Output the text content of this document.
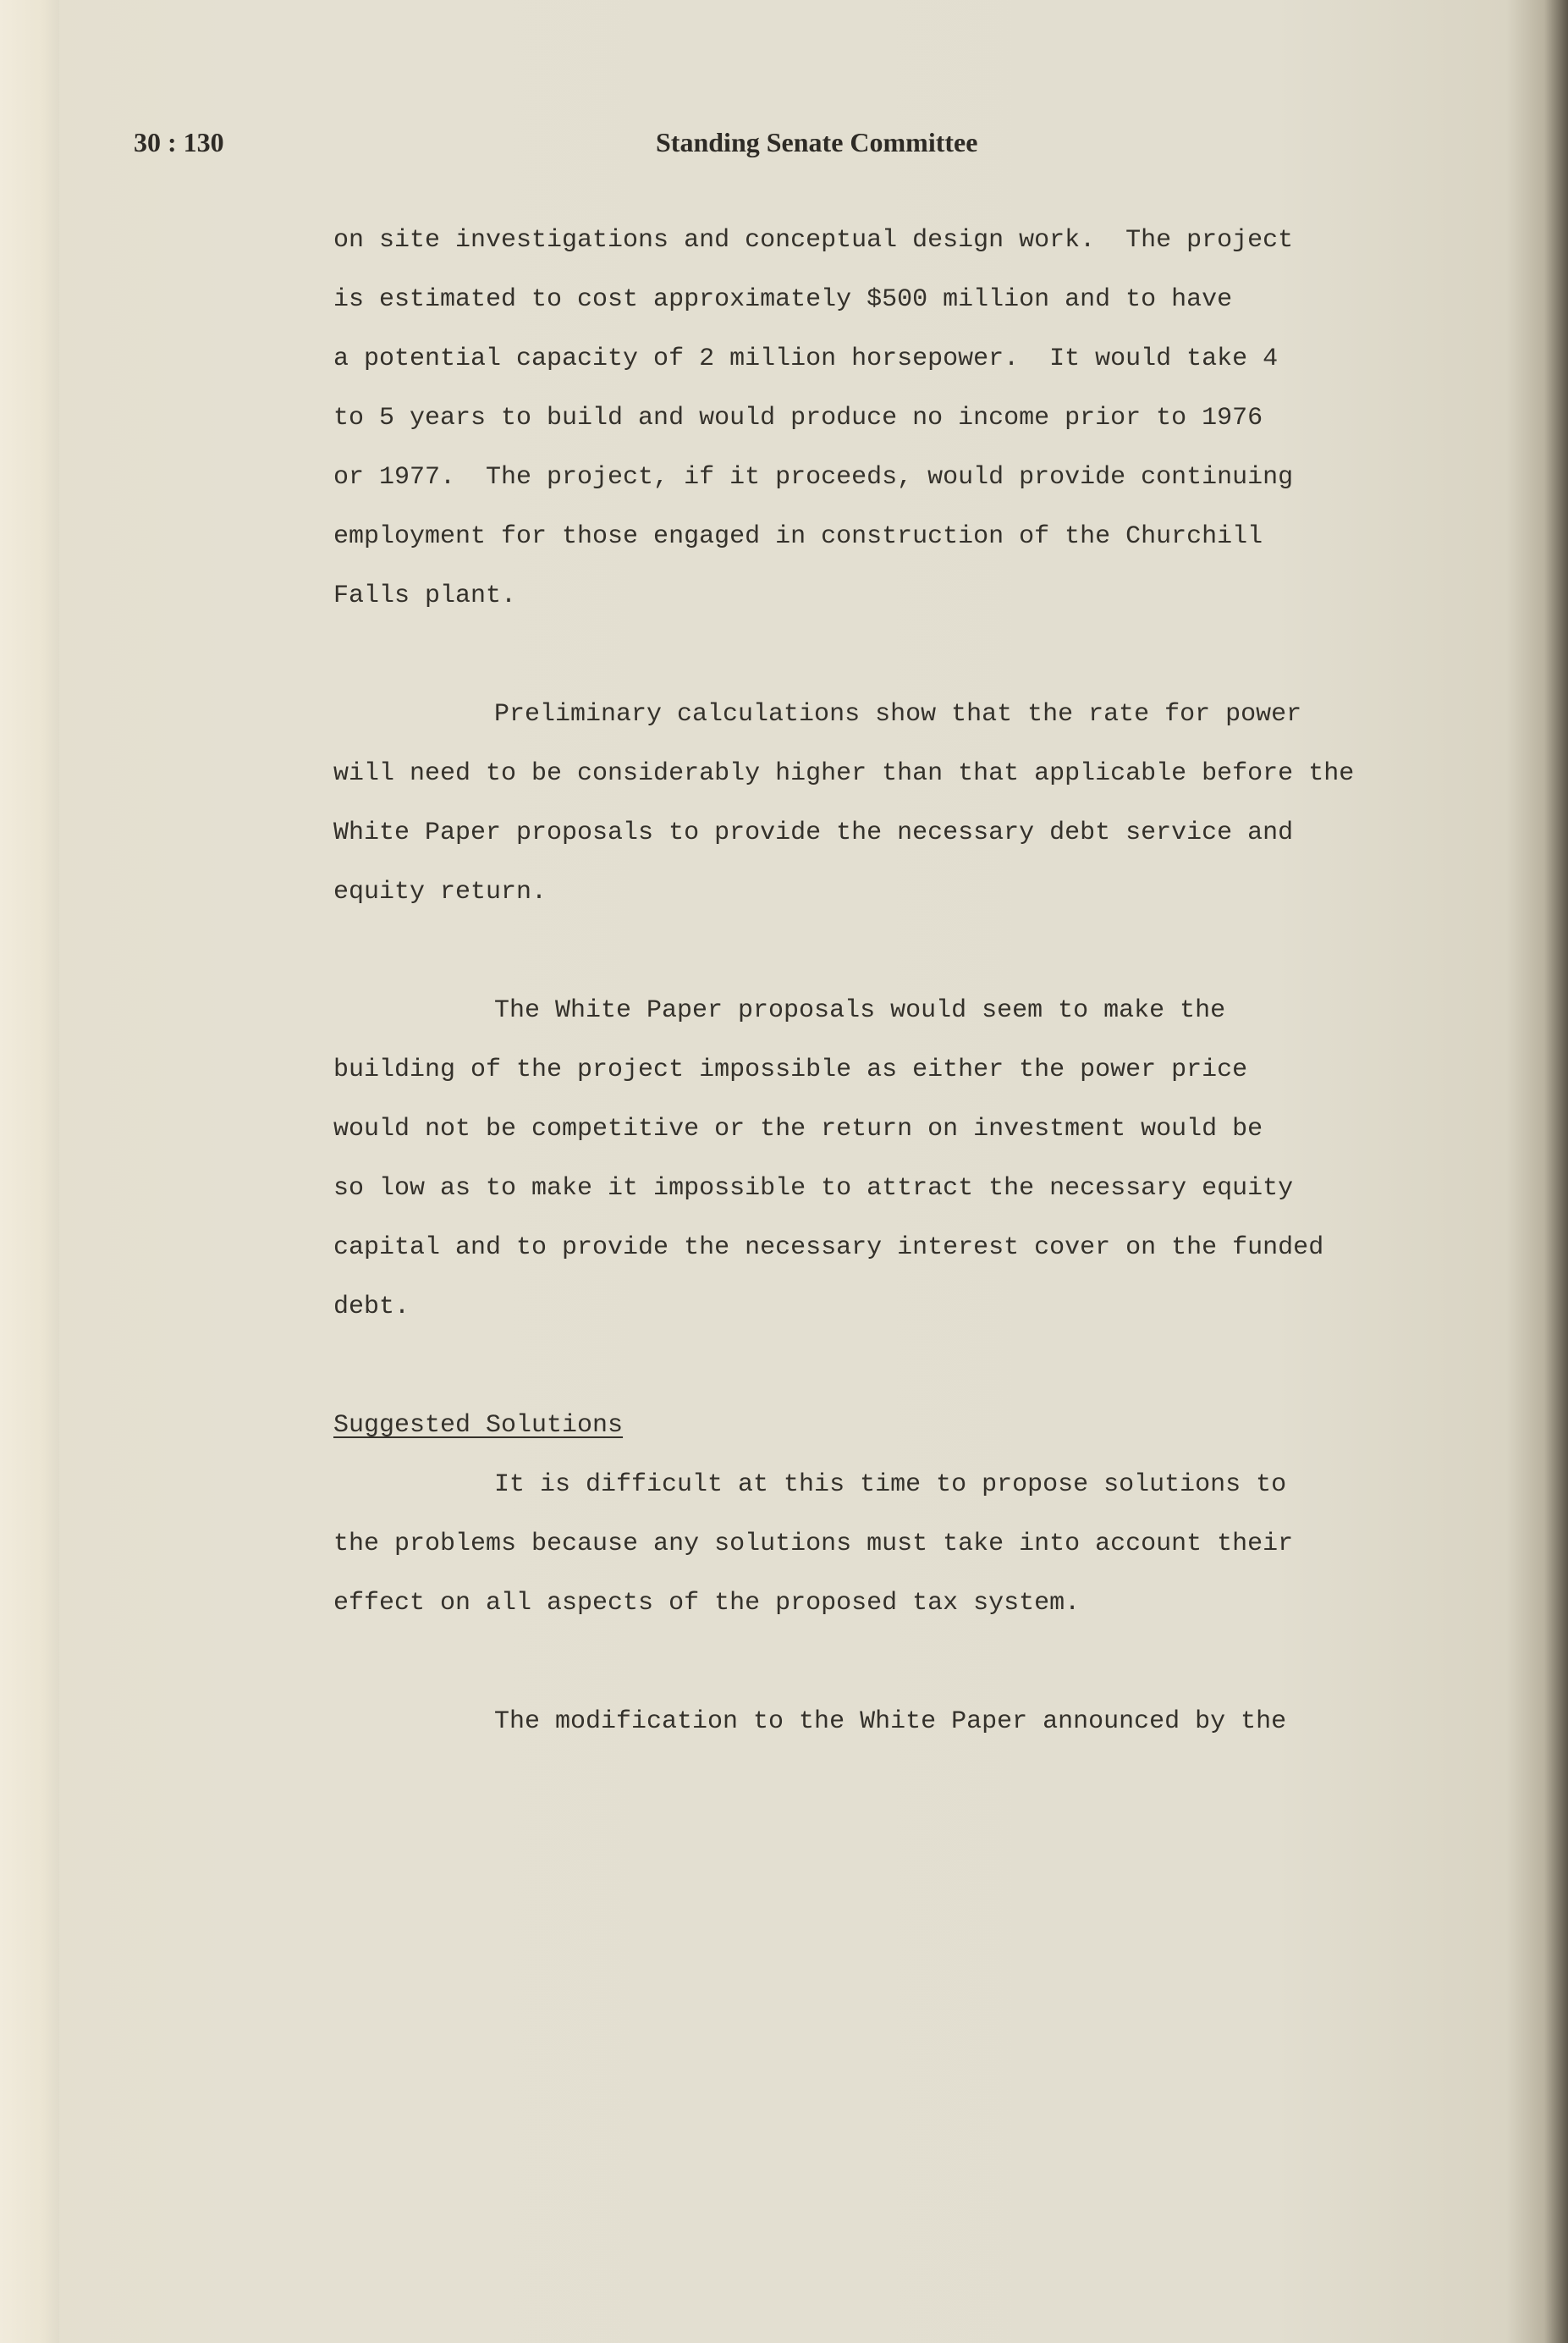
30 : 130	Standing Senate Committee
on site investigations and conceptual design work.  The project
is estimated to cost approximately $500 million and to have
a potential capacity of 2 million horsepower.  It would take 4
to 5 years to build and would produce no income prior to 1976
or 1977.  The project, if it proceeds, would provide continuing
employment for those engaged in construction of the Churchill
Falls plant.
Preliminary calculations show that the rate for power
will need to be considerably higher than that applicable before the
White Paper proposals to provide the necessary debt service and
equity return.
The White Paper proposals would seem to make the
building of the project impossible as either the power price
would not be competitive or the return on investment would be
so low as to make it impossible to attract the necessary equity
capital and to provide the necessary interest cover on the funded
debt.
Suggested Solutions
It is difficult at this time to propose solutions to
the problems because any solutions must take into account their
effect on all aspects of the proposed tax system.
The modification to the White Paper announced by the
